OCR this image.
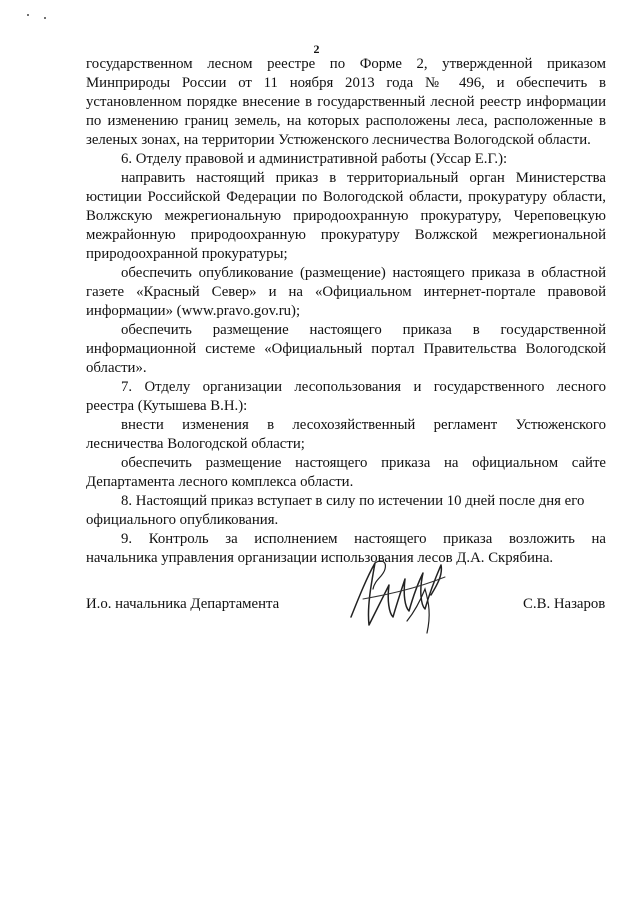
2
государственном лесном реестре по Форме 2, утвержденной приказом
Минприроды России от 11 ноября 2013 года № 496, и обеспечить в
установленном порядке внесение в государственный лесной реестр информации
по изменению границ земель, на которых расположены леса, расположенные в
зеленых зонах, на территории Устюженского лесничества Вологодской области.
6. Отделу правовой и административной работы (Уссар Е.Г.):
направить настоящий приказ в территориальный орган Министерства
юстиции Российской Федерации по Вологодской области, прокуратуру области,
Волжскую межрегиональную природоохранную прокуратуру, Череповецкую
межрайонную природоохранную прокуратуру Волжской межрегиональной
природоохранной прокуратуры;
обеспечить опубликование (размещение) настоящего приказа в областной
газете «Красный Север» и на «Официальном интернет-портале правовой
информации» (www.pravo.gov.ru);
обеспечить размещение настоящего приказа в государственной
информационной системе «Официальный портал Правительства Вологодской
области».
7. Отделу организации лесопользования и государственного лесного
реестра (Кутышева В.Н.):
внести изменения в лесохозяйственный регламент Устюженского
лесничества Вологодской области;
обеспечить размещение настоящего приказа на официальном сайте
Департамента лесного комплекса области.
8. Настоящий приказ вступает в силу по истечении 10 дней после дня его
официального опубликования.
9. Контроль за исполнением настоящего приказа возложить на
начальника управления организации использования лесов Д.А. Скрябина.
И.о. начальника Департамента	С.В. Назаров
